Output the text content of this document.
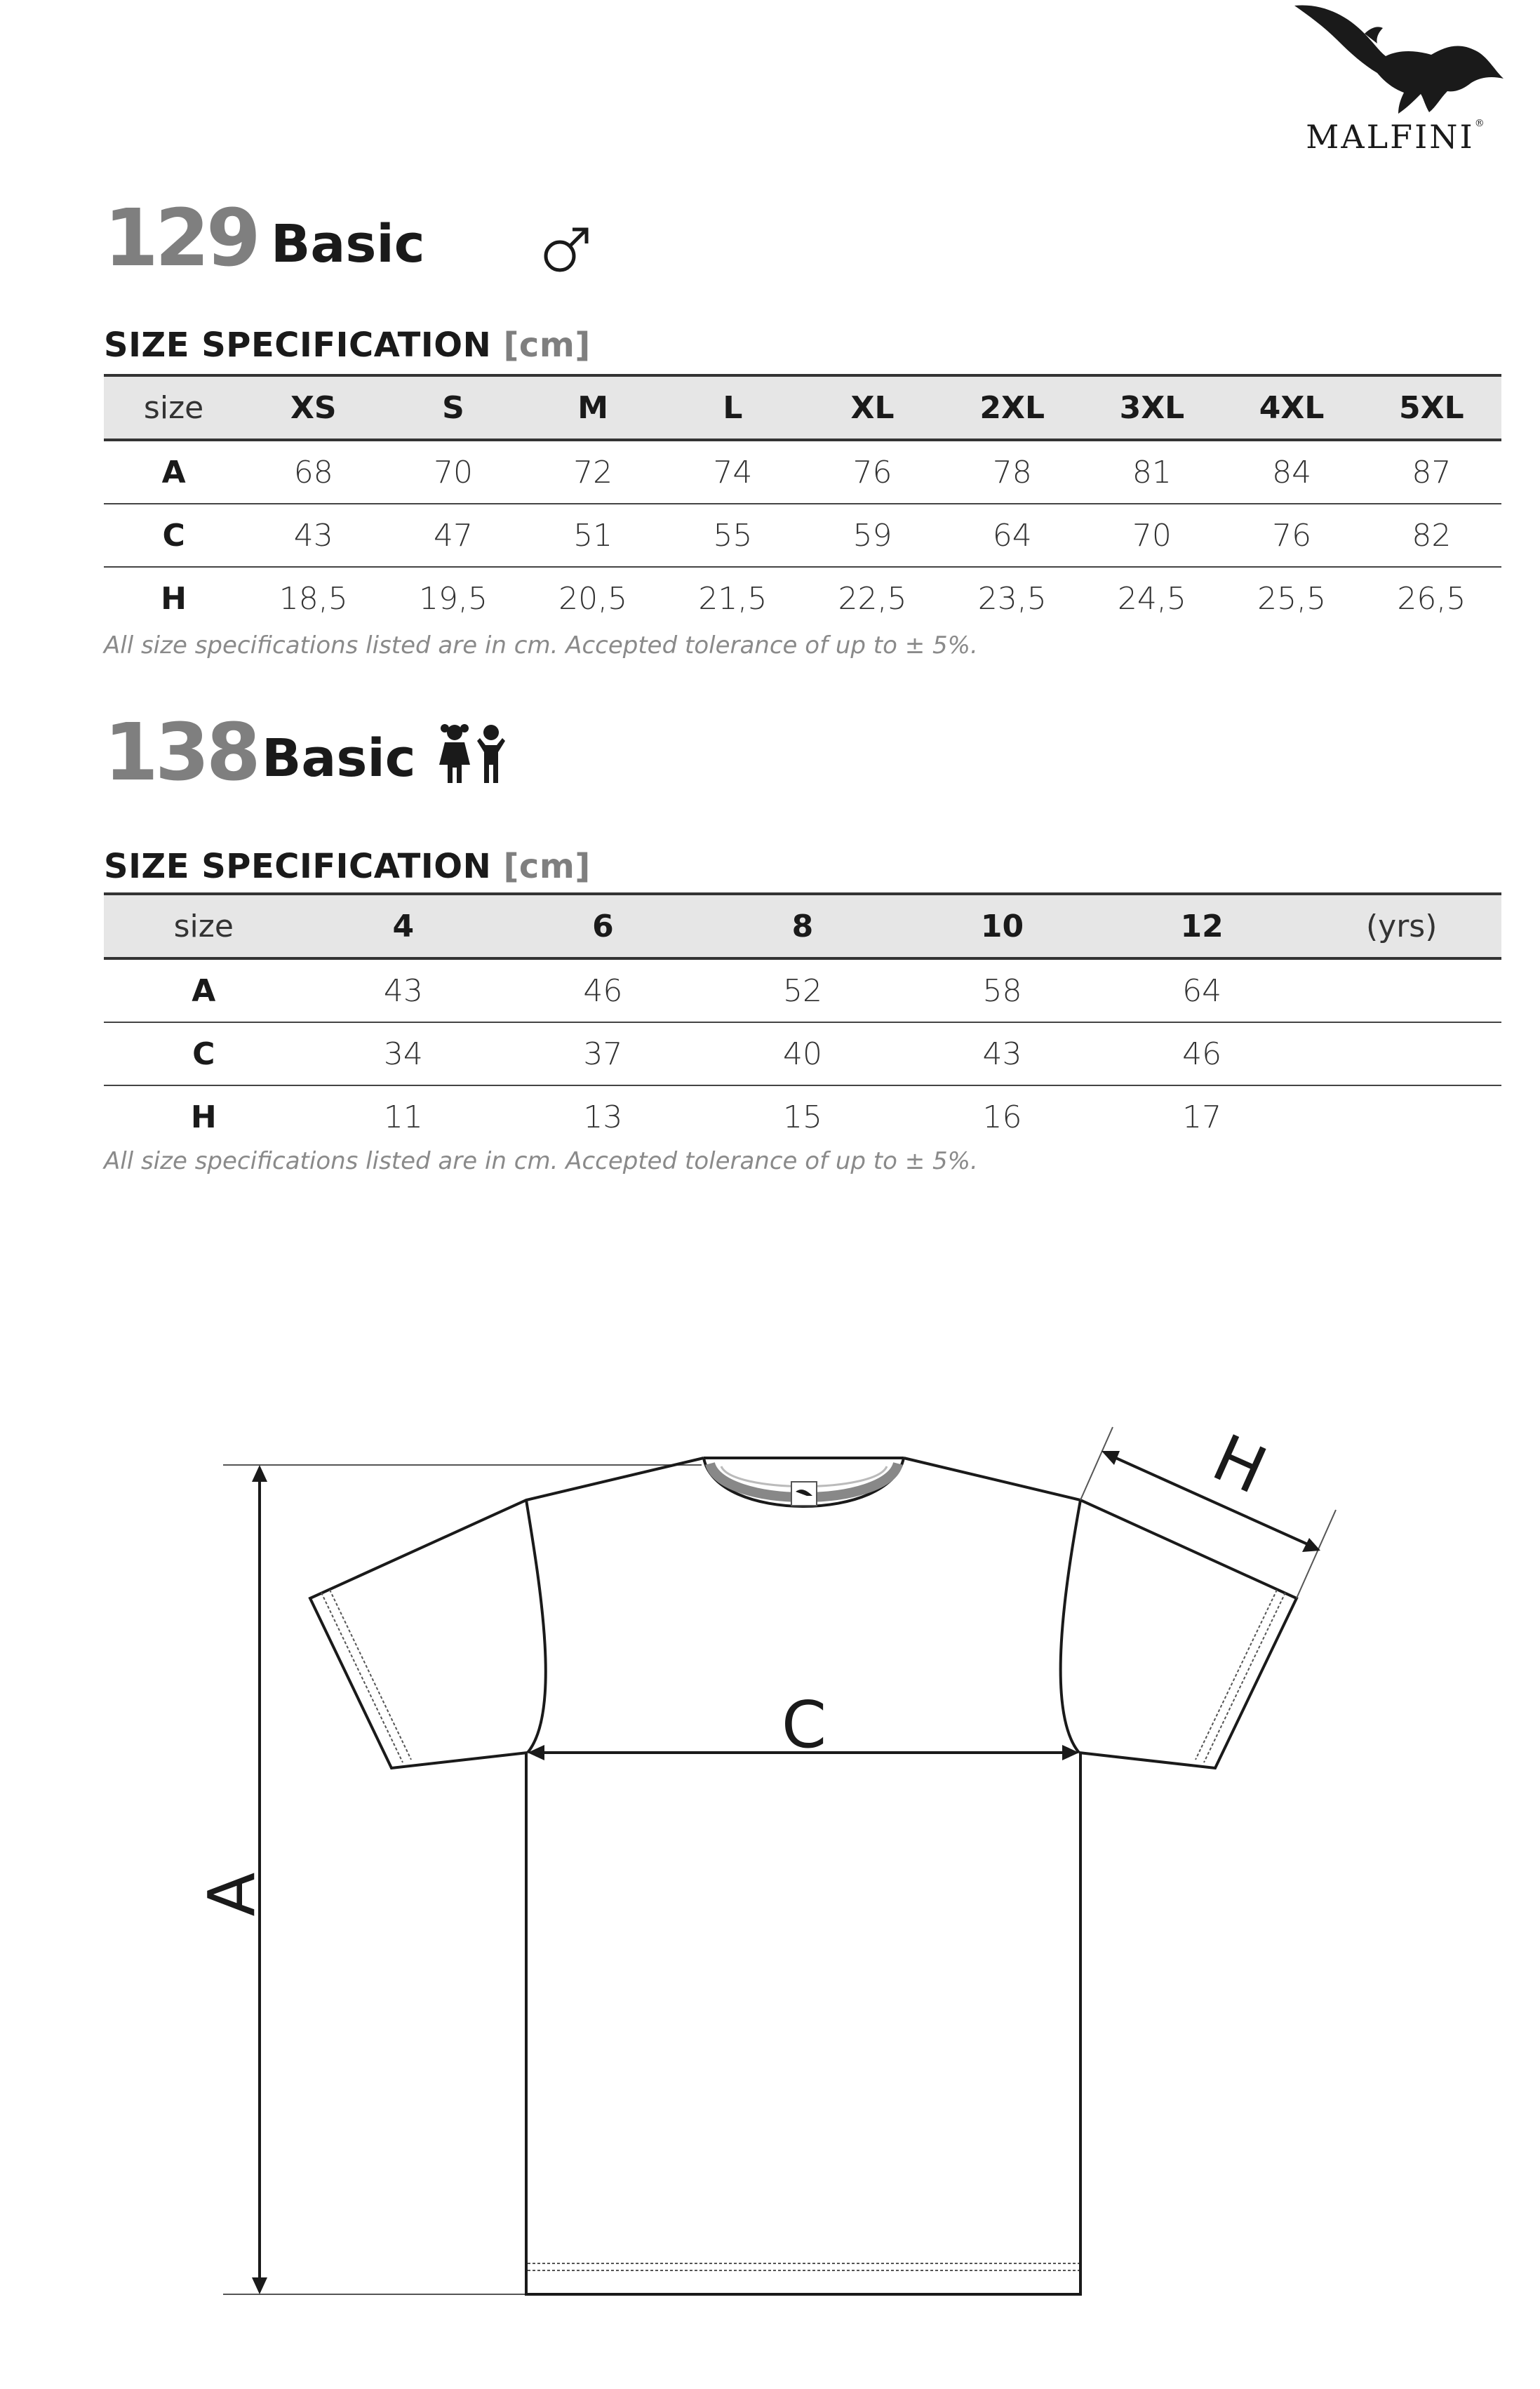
MALFINI®
129 Basic
SIZE SPECIFICATION [cm]
size	XS	S	M	L	XL	2XL	3XL	4XL	5XL
A	68	70	72	74	76	78	81	84	87
C	43	47	51	55	59	64	70	76	82
H	18,5	19,5	20,5	21,5	22,5	23,5	24,5	25,5	26,5
All size specifications listed are in cm. Accepted tolerance of up to ± 5%.
138 Basic
SIZE SPECIFICATION [cm]
size	4	6	8	10	12	(yrs)
A	43	46	52	58	64	
C	34	37	40	43	46	
H	11	13	15	16	17	
All size specifications listed are in cm. Accepted tolerance of up to ± 5%.
C
A
H
